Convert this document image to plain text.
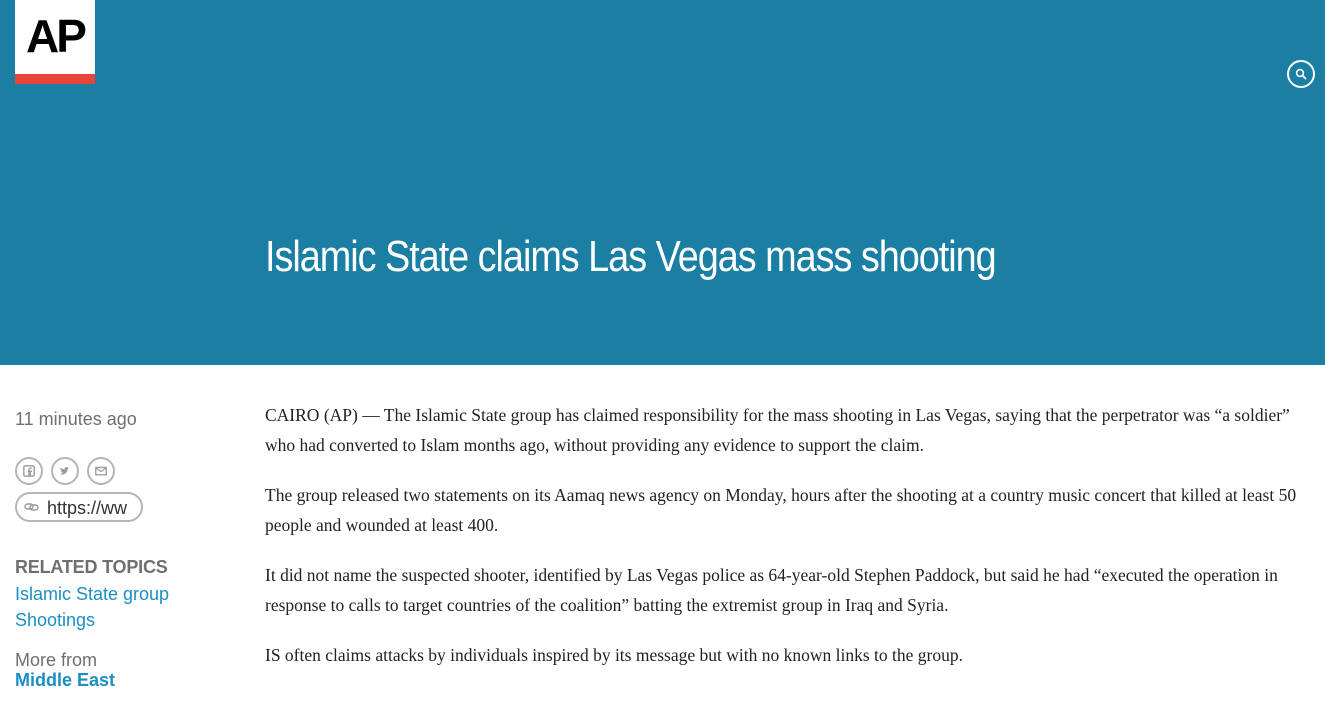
AP
Islamic State claims Las Vegas mass shooting
11 minutes ago
https://ww
RELATED TOPICS
Islamic State group
Shootings
More from
Middle East

CAIRO (AP) — The Islamic State group has claimed responsibility for the mass shooting in Las Vegas, saying that the perpetrator was “a soldier” who had converted to Islam months ago, without providing any evidence to support the claim.

The group released two statements on its Aamaq news agency on Monday, hours after the shooting at a country music concert that killed at least 50 people and wounded at least 400.

It did not name the suspected shooter, identified by Las Vegas police as 64-year-old Stephen Paddock, but said he had “executed the operation in response to calls to target countries of the coalition” batting the extremist group in Iraq and Syria.

IS often claims attacks by individuals inspired by its message but with no known links to the group.
